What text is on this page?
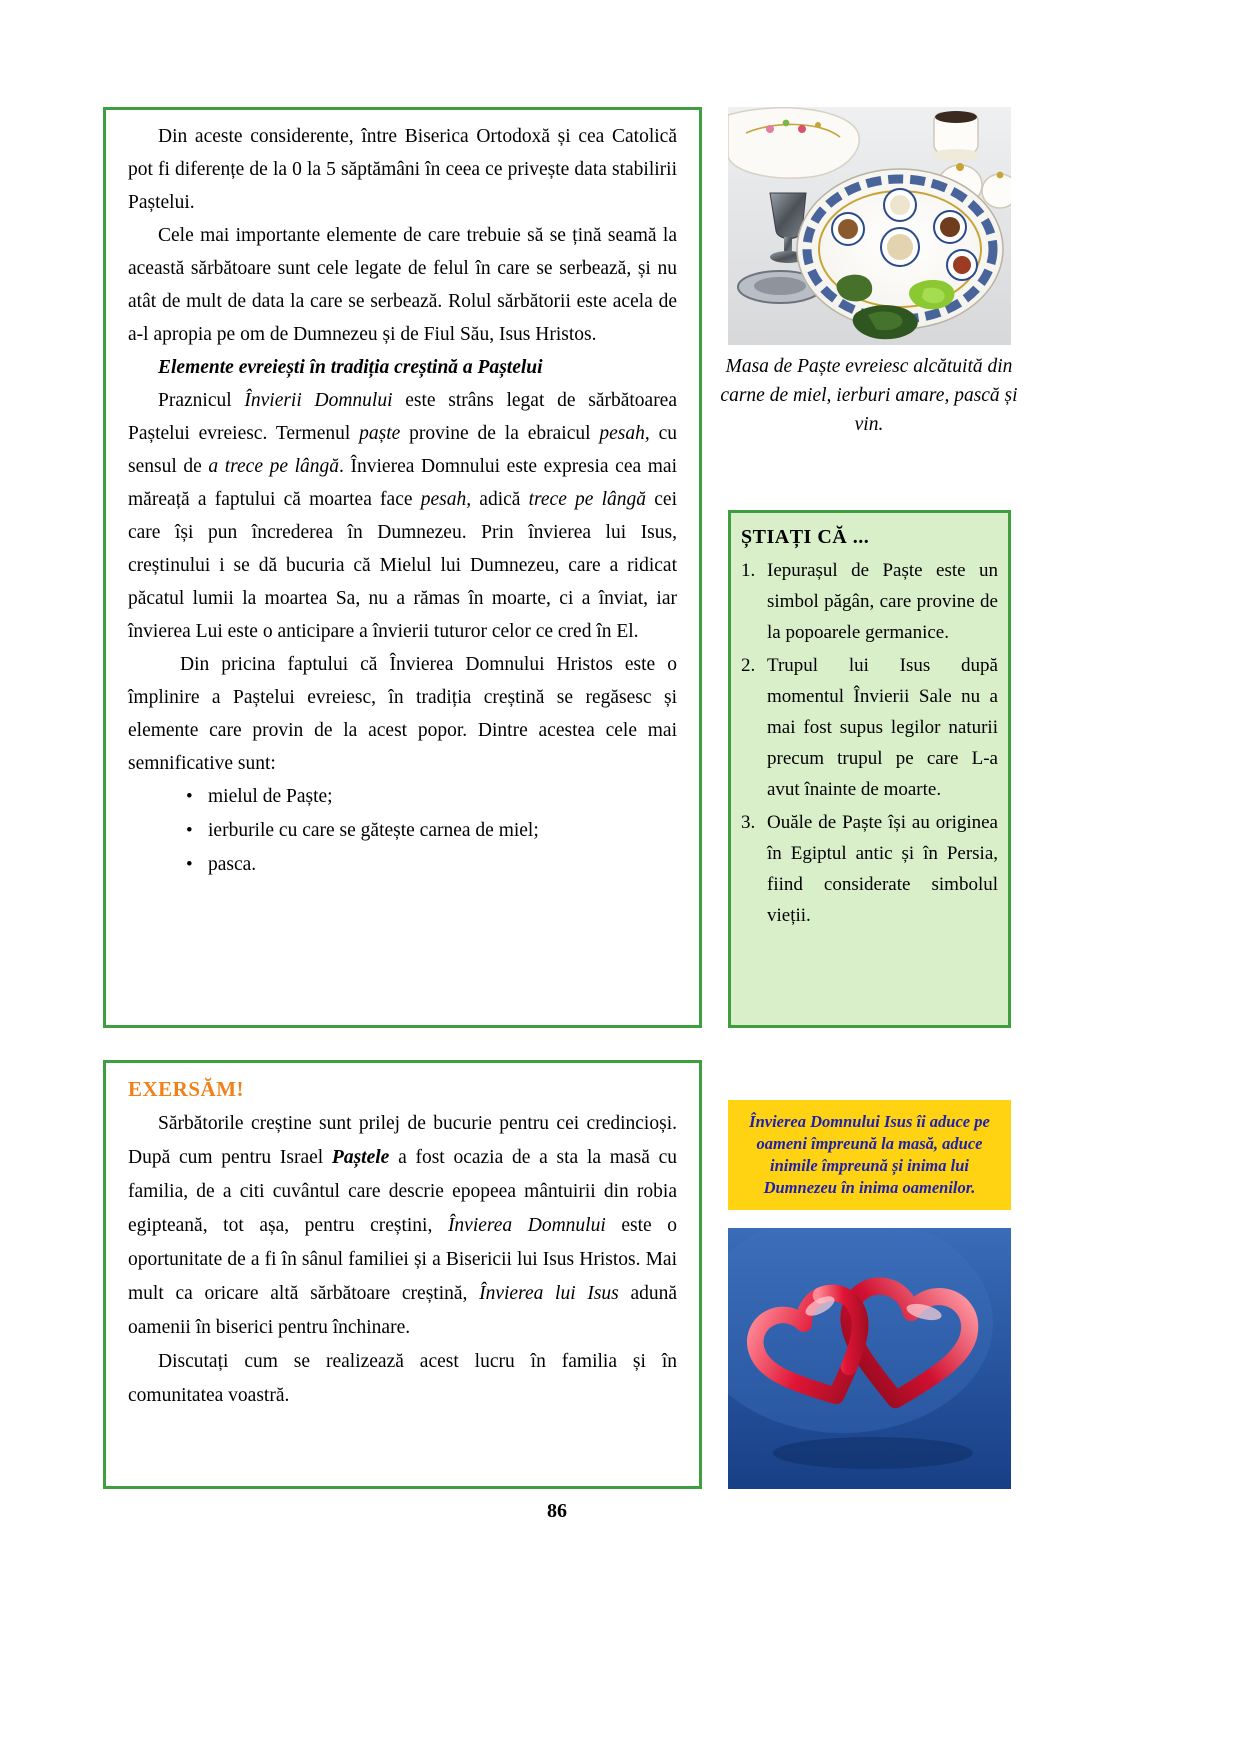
Din aceste considerente, între Biserica Ortodoxă și cea Catolică pot fi diferențe de la 0 la 5 săptămâni în ceea ce privește data stabilirii Paștelui.

Cele mai importante elemente de care trebuie să se țină seamă la această sărbătoare sunt cele legate de felul în care se serbează, și nu atât de mult de data la care se serbează. Rolul sărbătorii este acela de a-l apropia pe om de Dumnezeu și de Fiul Său, Isus Hristos.

Elemente evreiești în tradiția creștină a Paștelui

Praznicul Învierii Domnului este strâns legat de sărbătoarea Paștelui evreiesc. Termenul paște provine de la ebraicul pesah, cu sensul de a trece pe lângă. Învierea Domnului este expresia cea mai măreață a faptului că moartea face pesah, adică trece pe lângă cei care își pun încrederea în Dumnezeu. Prin învierea lui Isus, creștinului i se dă bucuria că Mielul lui Dumnezeu, care a ridicat păcatul lumii la moartea Sa, nu a rămas în moarte, ci a înviat, iar învierea Lui este o anticipare a învierii tuturor celor ce cred în El.

Din pricina faptului că Învierea Domnului Hristos este o împlinire a Paștelui evreiesc, în tradiția creștină se regăsesc și elemente care provin de la acest popor. Dintre acestea cele mai semnificative sunt:

• mielul de Paște;
• ierburile cu care se gătește carnea de miel;
• pasca.
Masa de Paște evreiesc alcătuită din carne de miel, ierburi amare, pască și vin.
ȘTIAȚI CĂ ...
1. Iepurașul de Paște este un simbol păgân, care provine de la popoarele germanice.
2. Trupul lui Isus după momentul Învierii Sale nu a mai fost supus legilor naturii precum trupul pe care L-a avut înainte de moarte.
3. Ouăle de Paște își au originea în Egiptul antic și în Persia, fiind considerate simbolul vieții.
EXERSĂM!

Sărbătorile creștine sunt prilej de bucurie pentru cei credincioși. După cum pentru Israel Paștele a fost ocazia de a sta la masă cu familia, de a citi cuvântul care descrie epopeea mântuirii din robia egipteană, tot așa, pentru creștini, Învierea Domnului este o oportunitate de a fi în sânul familiei și a Bisericii lui Isus Hristos. Mai mult ca oricare altă sărbătoare creștină, Învierea lui Isus adună oamenii în biserici pentru închinare.

Discutați cum se realizează acest lucru în familia și în comunitatea voastră.

Învierea Domnului Isus îi aduce pe oameni împreună la masă, aduce inimile împreună și inima lui Dumnezeu în inima oamenilor.
86
